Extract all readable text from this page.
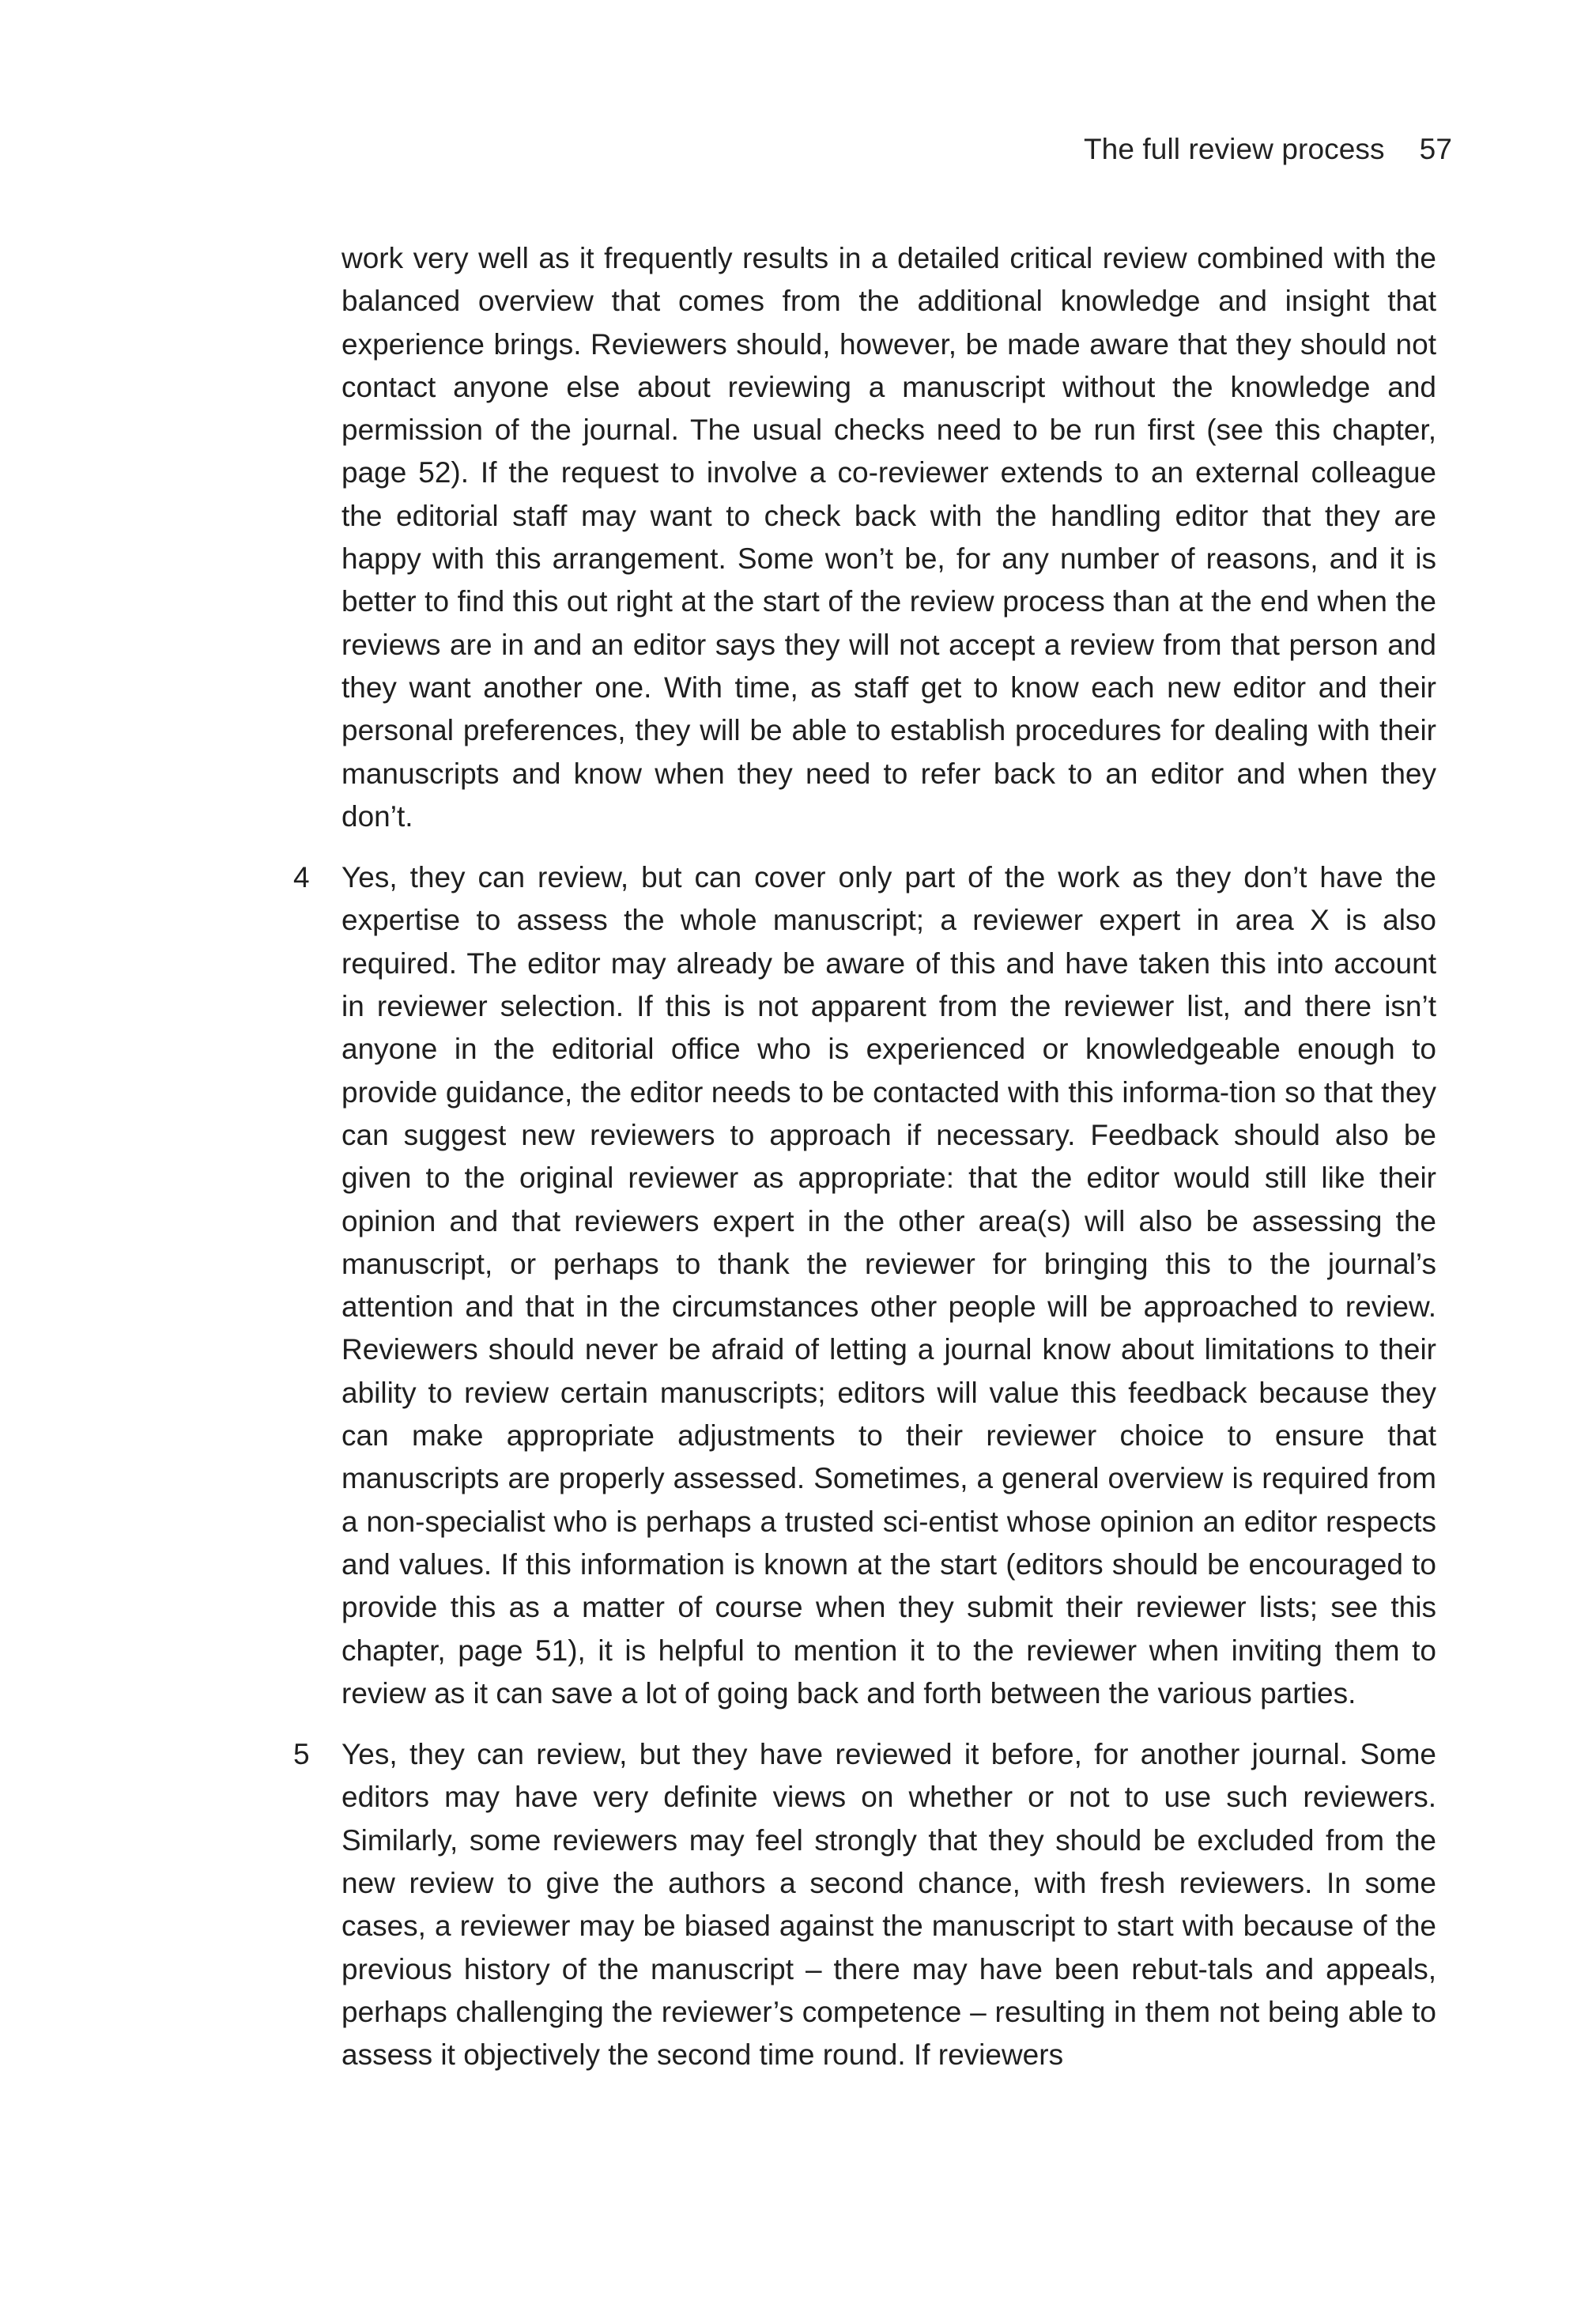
The full review process 57

work very well as it frequently results in a detailed critical review combined with the balanced overview that comes from the additional knowledge and insight that experience brings. Reviewers should, however, be made aware that they should not contact anyone else about reviewing a manuscript without the knowledge and permission of the journal. The usual checks need to be run first (see this chapter, page 52). If the request to involve a co-reviewer extends to an external colleague the editorial staff may want to check back with the handling editor that they are happy with this arrangement. Some won’t be, for any number of reasons, and it is better to find this out right at the start of the review process than at the end when the reviews are in and an editor says they will not accept a review from that person and they want another one. With time, as staff get to know each new editor and their personal preferences, they will be able to establish procedures for dealing with their manuscripts and know when they need to refer back to an editor and when they don’t.

4	Yes, they can review, but can cover only part of the work as they don’t have the expertise to assess the whole manuscript; a reviewer expert in area X is also required. The editor may already be aware of this and have taken this into account in reviewer selection. If this is not apparent from the reviewer list, and there isn’t anyone in the editorial office who is experienced or knowledgeable enough to provide guidance, the editor needs to be contacted with this informa-tion so that they can suggest new reviewers to approach if necessary. Feedback should also be given to the original reviewer as appropriate: that the editor would still like their opinion and that reviewers expert in the other area(s) will also be assessing the manuscript, or perhaps to thank the reviewer for bringing this to the journal’s attention and that in the circumstances other people will be approached to review. Reviewers should never be afraid of letting a journal know about limitations to their ability to review certain manuscripts; editors will value this feedback because they can make appropriate adjustments to their reviewer choice to ensure that manuscripts are properly assessed. Sometimes, a general overview is required from a non-specialist who is perhaps a trusted sci-entist whose opinion an editor respects and values. If this information is known at the start (editors should be encouraged to provide this as a matter of course when they submit their reviewer lists; see this chapter, page 51), it is helpful to mention it to the reviewer when inviting them to review as it can save a lot of going back and forth between the various parties.
5	Yes, they can review, but they have reviewed it before, for another journal. Some editors may have very definite views on whether or not to use such reviewers. Similarly, some reviewers may feel strongly that they should be excluded from the new review to give the authors a second chance, with fresh reviewers. In some cases, a reviewer may be biased against the manuscript to start with because of the previous history of the manuscript – there may have been rebut-tals and appeals, perhaps challenging the reviewer’s competence – resulting in them not being able to assess it objectively the second time round. If reviewers
